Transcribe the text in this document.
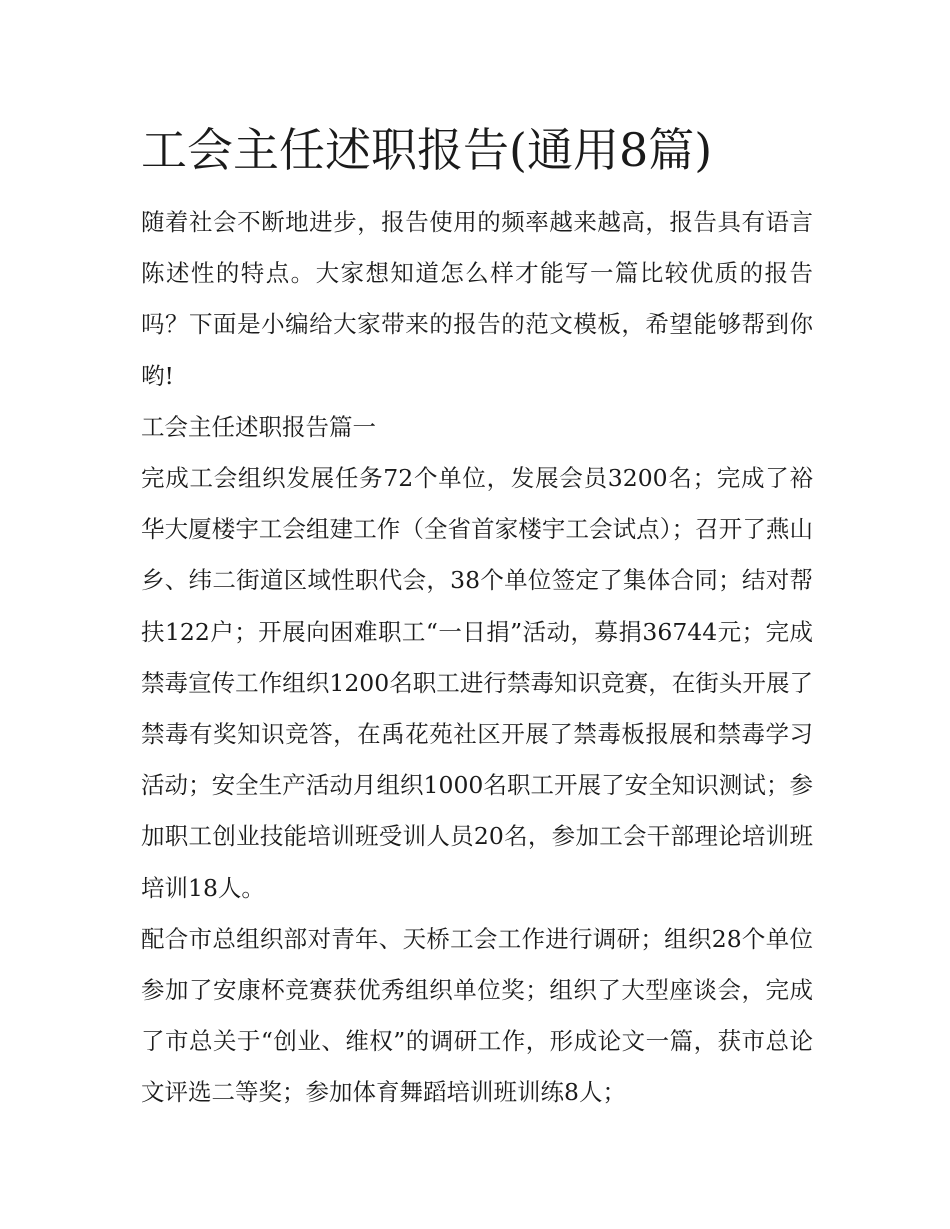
工会主任述职报告(通用8篇)

随着社会不断地进步，报告使用的频率越来越高，报告具有语言陈述性的特点。大家想知道怎么样才能写一篇比较优质的报告吗？下面是小编给大家带来的报告的范文模板，希望能够帮到你哟!

工会主任述职报告篇一

完成工会组织发展任务72个单位，发展会员3200名；完成了裕华大厦楼宇工会组建工作（全省首家楼宇工会试点）；召开了燕山乡、纬二街道区域性职代会，38个单位签定了集体合同；结对帮扶122户；开展向困难职工“一日捐”活动，募捐36744元；完成禁毒宣传工作组织1200名职工进行禁毒知识竞赛，在街头开展了禁毒有奖知识竞答，在禹花苑社区开展了禁毒板报展和禁毒学习活动；安全生产活动月组织1000名职工开展了安全知识测试；参加职工创业技能培训班受训人员20名，参加工会干部理论培训班培训18人。

配合市总组织部对青年、天桥工会工作进行调研；组织28个单位参加了安康杯竞赛获优秀组织单位奖；组织了大型座谈会，完成了市总关于“创业、维权”的调研工作，形成论文一篇，获市总论文评选二等奖；参加体育舞蹈培训班训练8人；
